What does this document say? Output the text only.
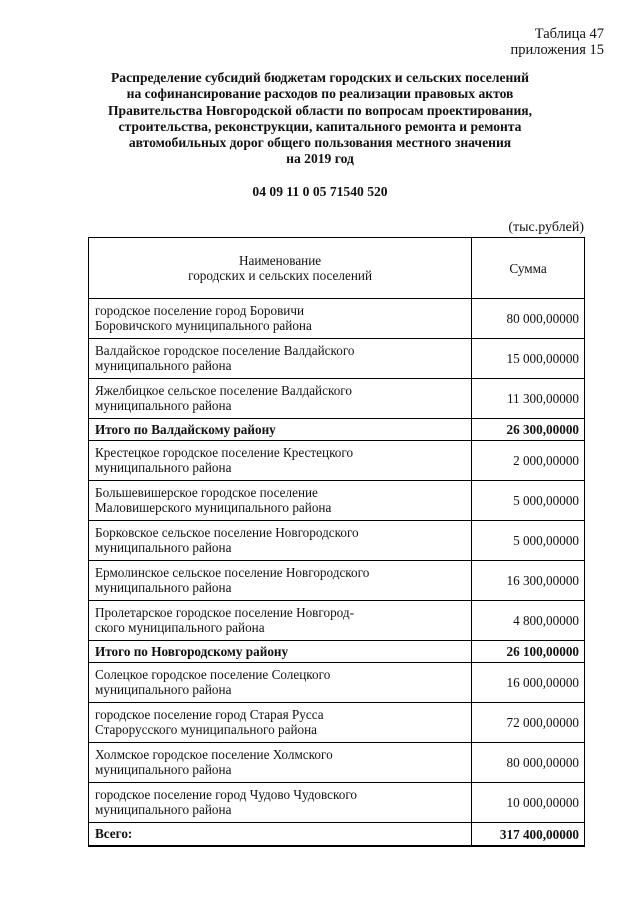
Таблица 47
приложения 15
Распределение субсидий бюджетам городских и сельских поселений
на софинансирование расходов по реализации правовых актов
Правительства Новгородской области по вопросам проектирования,
строительства, реконструкции, капитального ремонта и ремонта
автомобильных дорог общего пользования местного значения
на 2019 год
04 09 11 0 05 71540 520
(тыс.рублей)
Наименование
городских и сельских поселений	Сумма

городское поселение город Боровичи
Боровичского муниципального района	80 000,00000

Валдайское городское поселение Валдайского
муниципального района	15 000,00000

Яжелбицкое сельское поселение Валдайского
муниципального района	11 300,00000

Итого по Валдайскому району	26 300,00000

Крестецкое городское поселение Крестецкого
муниципального района	2 000,00000

Большевишерское городское поселение
Маловишерского муниципального района	5 000,00000

Борковское сельское поселение Новгородского
муниципального района	5 000,00000

Ермолинское сельское поселение Новгородского
муниципального района	16 300,00000

Пролетарское городское поселение Новгород-
ского муниципального района	4 800,00000

Итого по Новгородскому району	26 100,00000

Солецкое городское поселение Солецкого
муниципального района	16 000,00000

городское поселение город Старая Русса
Старорусского муниципального района	72 000,00000

Холмское городское поселение Холмского
муниципального района	80 000,00000

городское поселение город Чудово Чудовского
муниципального района	10 000,00000

Всего:	317 400,00000
